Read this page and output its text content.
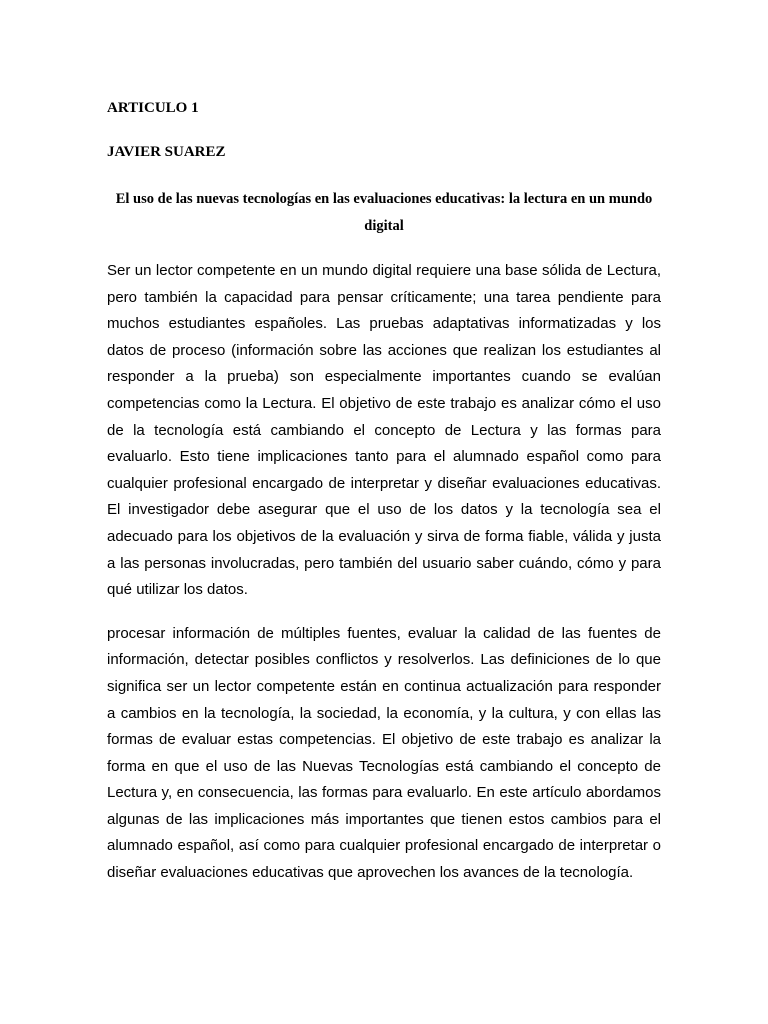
ARTICULO 1

JAVIER SUAREZ

El uso de las nuevas tecnologías en las evaluaciones educativas: la lectura en un mundo digital

Ser un lector competente en un mundo digital requiere una base sólida de Lectura, pero también la capacidad para pensar críticamente; una tarea pendiente para muchos estudiantes españoles. Las pruebas adaptativas informatizadas y los datos de proceso (información sobre las acciones que realizan los estudiantes al responder a la prueba) son especialmente importantes cuando se evalúan competencias como la Lectura. El objetivo de este trabajo es analizar cómo el uso de la tecnología está cambiando el concepto de Lectura y las formas para evaluarlo. Esto tiene implicaciones tanto para el alumnado español como para cualquier profesional encargado de interpretar y diseñar evaluaciones educativas. El investigador debe asegurar que el uso de los datos y la tecnología sea el adecuado para los objetivos de la evaluación y sirva de forma fiable, válida y justa a las personas involucradas, pero también del usuario saber cuándo, cómo y para qué utilizar los datos.

procesar información de múltiples fuentes, evaluar la calidad de las fuentes de información, detectar posibles conflictos y resolverlos. Las definiciones de lo que significa ser un lector competente están en continua actualización para responder a cambios en la tecnología, la sociedad, la economía, y la cultura, y con ellas las formas de evaluar estas competencias. El objetivo de este trabajo es analizar la forma en que el uso de las Nuevas Tecnologías está cambiando el concepto de Lectura y, en consecuencia, las formas para evaluarlo. En este artículo abordamos algunas de las implicaciones más importantes que tienen estos cambios para el alumnado español, así como para cualquier profesional encargado de interpretar o diseñar evaluaciones educativas que aprovechen los avances de la tecnología.
